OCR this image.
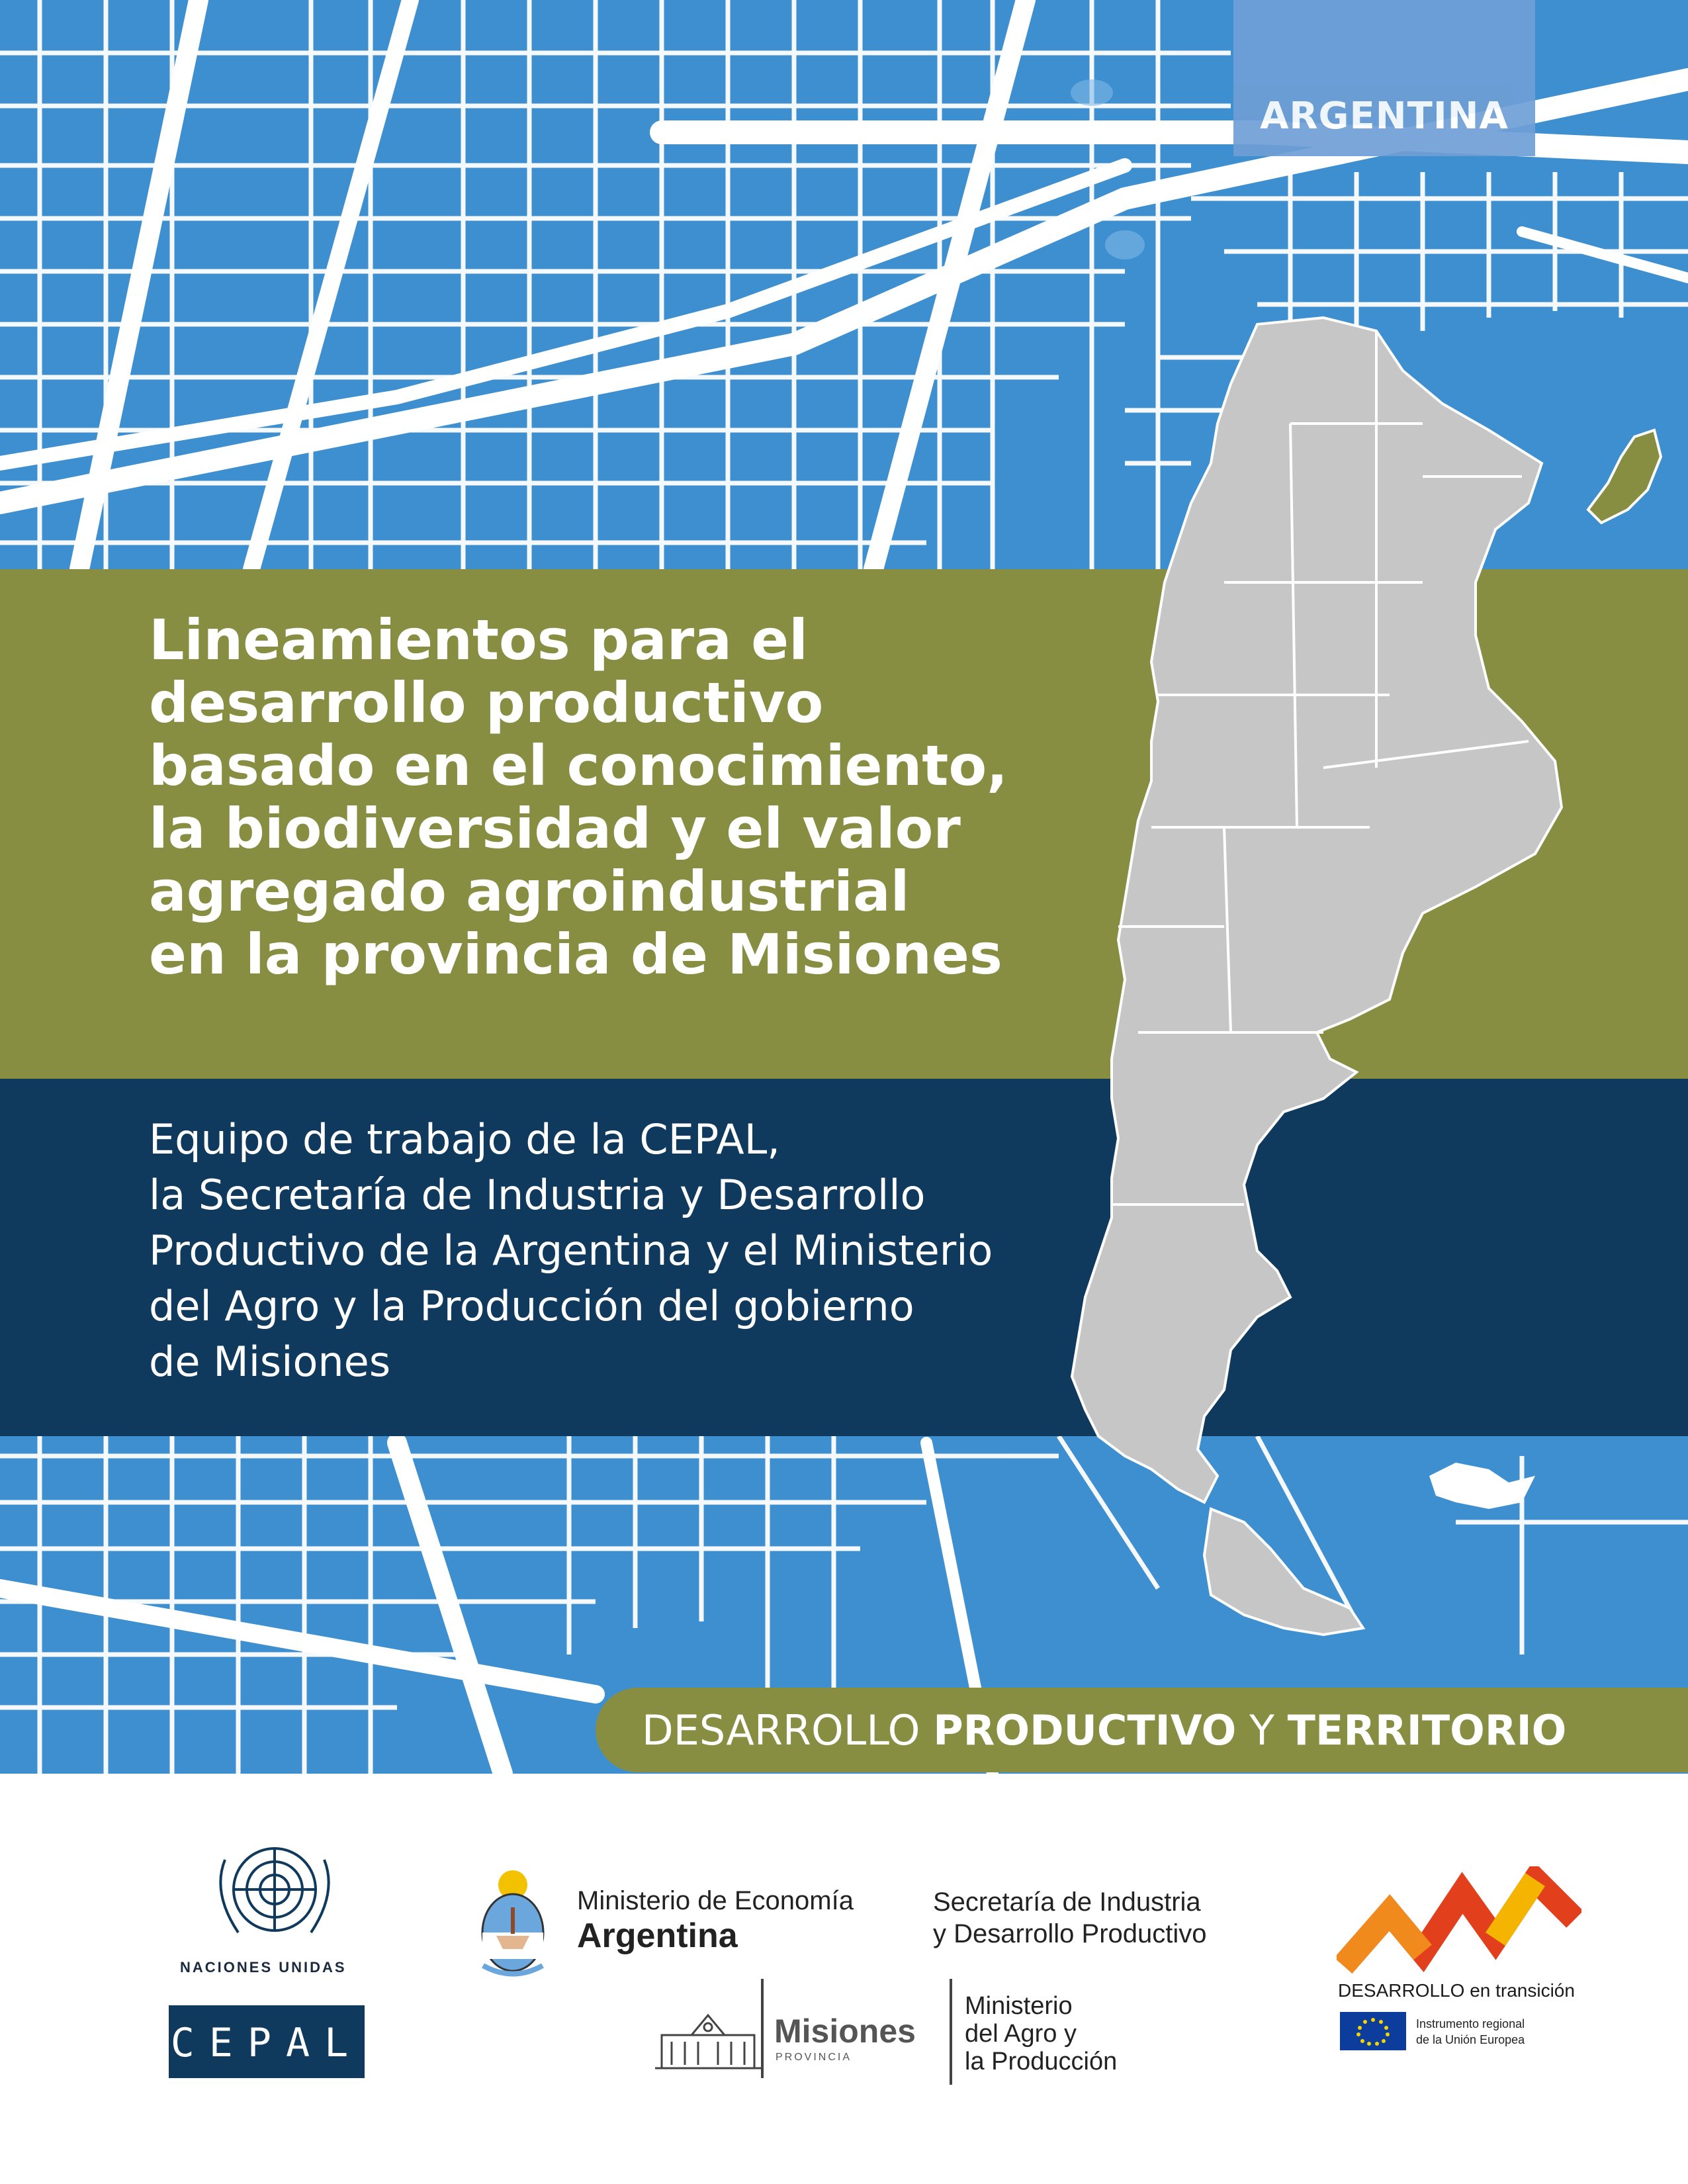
ARGENTINA
Lineamientos para el
desarrollo productivo
basado en el conocimiento,
la biodiversidad y el valor
agregado agroindustrial
en la provincia de Misiones

Equipo de trabajo de la CEPAL,
la Secretaría de Industria y Desarrollo
Productivo de la Argentina y el Ministerio
del Agro y la Producción del gobierno
de Misiones

DESARROLLO PRODUCTIVO Y TERRITORIO
NACIONES UNIDAS
CEPAL
Ministerio de Economía
Argentina
Secretaría de Industria
y Desarrollo Productivo
Misiones
PROVINCIA
Ministerio
del Agro y
la Producción
DESARROLLO en transición
Instrumento regional
de la Unión Europea
